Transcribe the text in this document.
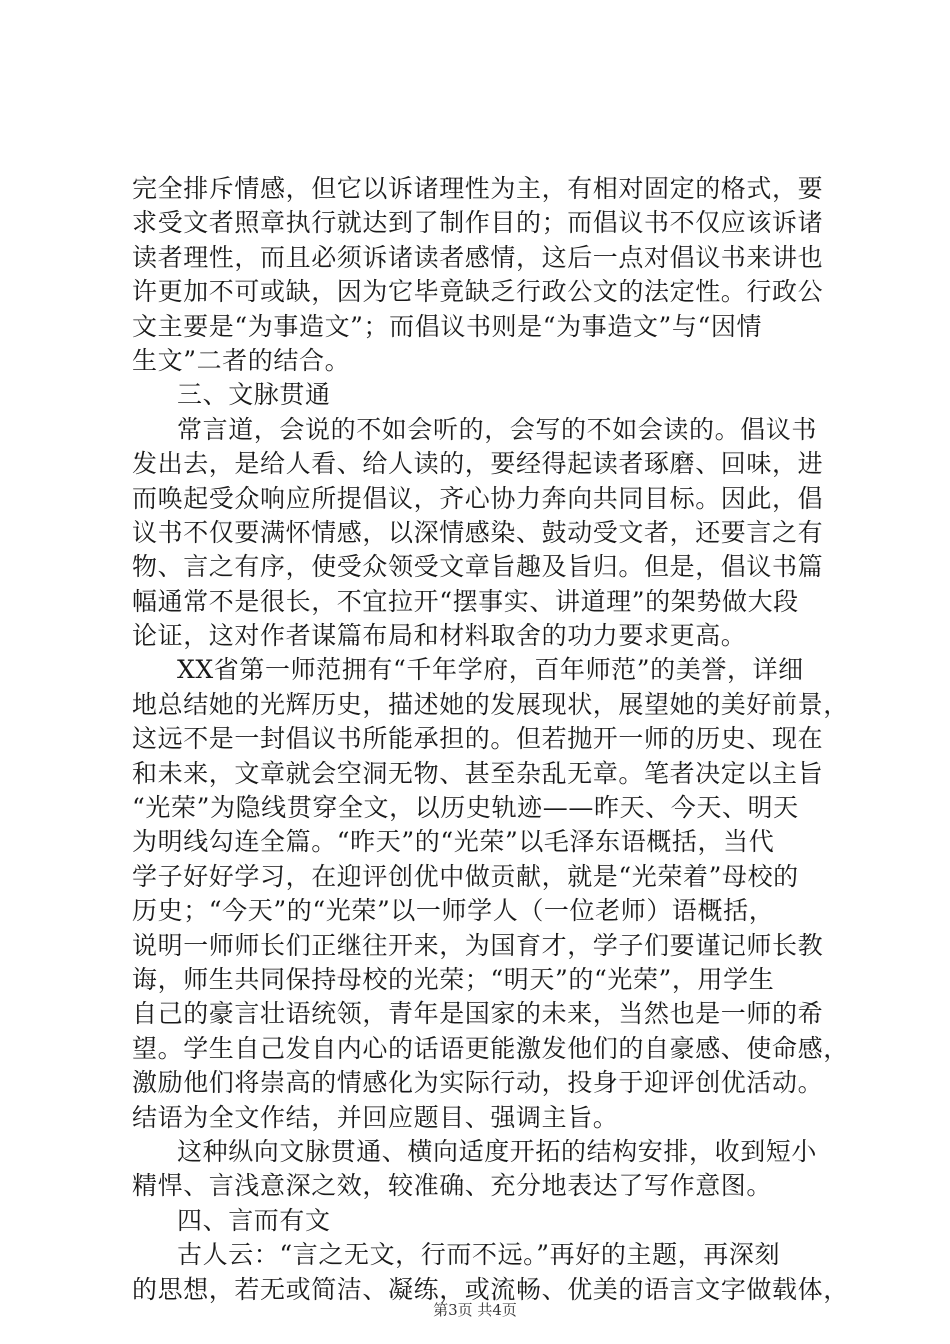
完全排斥情感，但它以诉诸理性为主，有相对固定的格式，要
求受文者照章执行就达到了制作目的；而倡议书不仅应该诉诸
读者理性，而且必须诉诸读者感情，这后一点对倡议书来讲也
许更加不可或缺，因为它毕竟缺乏行政公文的法定性。行政公
文主要是“为事造文”；而倡议书则是“为事造文”与“因情
生文”二者的结合。
三、文脉贯通
常言道，会说的不如会听的，会写的不如会读的。倡议书
发出去，是给人看、给人读的，要经得起读者琢磨、回味，进
而唤起受众响应所提倡议，齐心协力奔向共同目标。因此，倡
议书不仅要满怀情感，以深情感染、鼓动受文者，还要言之有
物、言之有序，使受众领受文章旨趣及旨归。但是，倡议书篇
幅通常不是很长，不宜拉开“摆事实、讲道理”的架势做大段
论证，这对作者谋篇布局和材料取舍的功力要求更高。
XX省第一师范拥有“千年学府，百年师范”的美誉，详细
地总结她的光辉历史，描述她的发展现状，展望她的美好前景，
这远不是一封倡议书所能承担的。但若抛开一师的历史、现在
和未来，文章就会空洞无物、甚至杂乱无章。笔者决定以主旨
“光荣”为隐线贯穿全文，以历史轨迹——昨天、今天、明天
为明线勾连全篇。“昨天”的“光荣”以毛泽东语概括，当代
学子好好学习，在迎评创优中做贡献，就是“光荣着”母校的
历史；“今天”的“光荣”以一师学人（一位老师）语概括，
说明一师师长们正继往开来，为国育才，学子们要谨记师长教
诲，师生共同保持母校的光荣；“明天”的“光荣”，用学生
自己的豪言壮语统领，青年是国家的未来，当然也是一师的希
望。学生自己发自内心的话语更能激发他们的自豪感、使命感，
激励他们将崇高的情感化为实际行动，投身于迎评创优活动。
结语为全文作结，并回应题目、强调主旨。
这种纵向文脉贯通、横向适度开拓的结构安排，收到短小
精悍、言浅意深之效，较准确、充分地表达了写作意图。
四、言而有文
古人云：“言之无文，行而不远。”再好的主题，再深刻
的思想，若无或简洁、凝练，或流畅、优美的语言文字做载体，
第3页 共4页
